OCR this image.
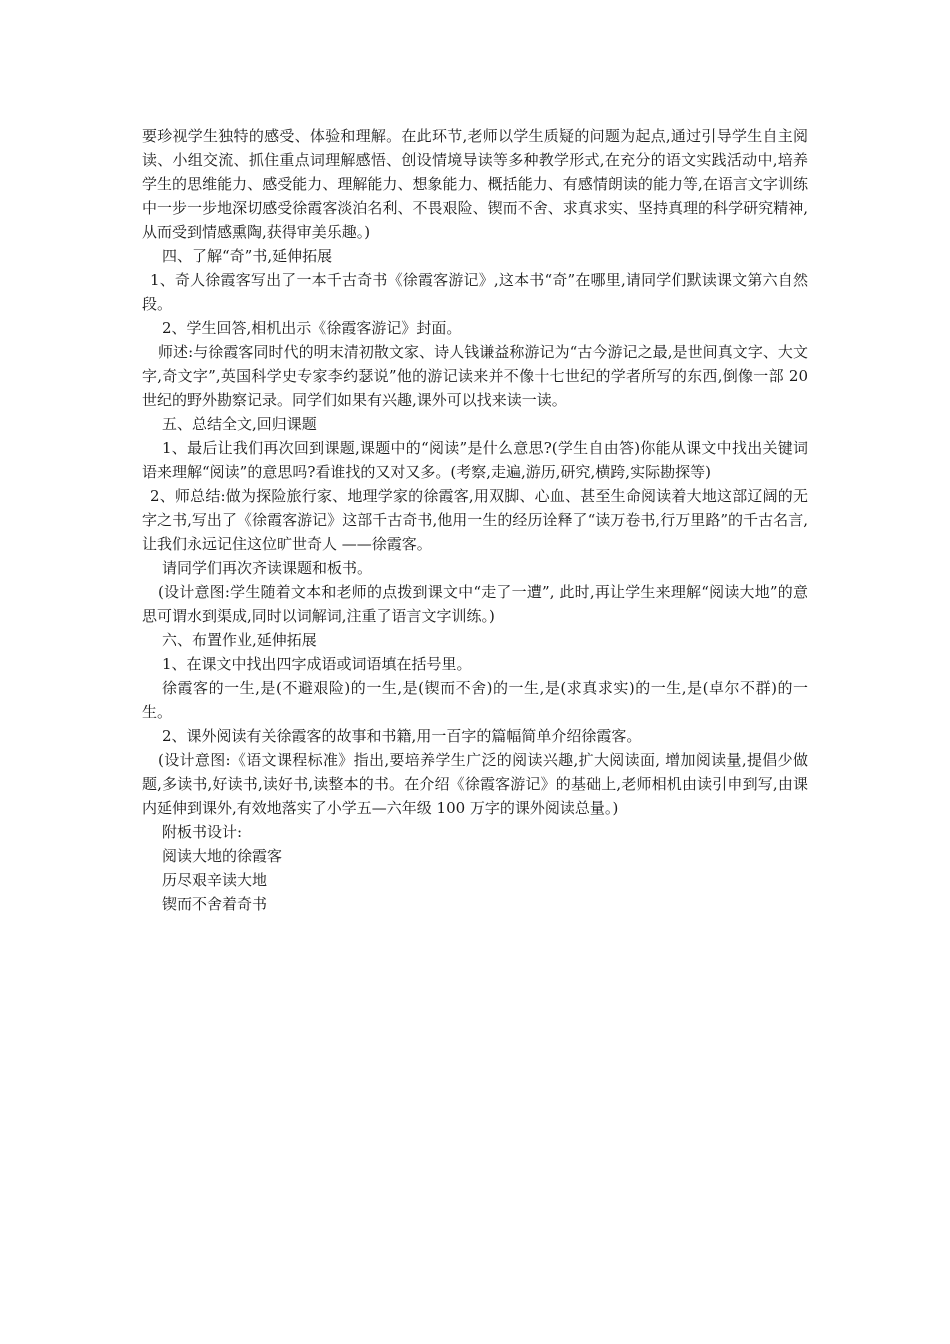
要珍视学生独特的感受、体验和理解。在此环节,老师以学生质疑的问题为起点,通过引导学生自主阅读、小组交流、抓住重点词理解感悟、创设情境导读等多种教学形式,在充分的语文实践活动中,培养学生的思维能力、感受能力、理解能力、想象能力、概括能力、有感情朗读的能力等,在语言文字训练中一步一步地深切感受徐霞客淡泊名利、不畏艰险、锲而不舍、求真求实、坚持真理的科学研究精神,从而受到情感熏陶,获得审美乐趣。)

四、了解“奇”书,延伸拓展

1、奇人徐霞客写出了一本千古奇书《徐霞客游记》,这本书“奇”在哪里,请同学们默读课文第六自然段。

2、学生回答,相机出示《徐霞客游记》封面。

师述:与徐霞客同时代的明末清初散文家、诗人钱谦益称游记为“古今游记之最,是世间真文字、大文字,奇文字”,英国科学史专家李约瑟说”他的游记读来并不像十七世纪的学者所写的东西,倒像一部 20 世纪的野外勘察记录。同学们如果有兴趣,课外可以找来读一读。

五、总结全文,回归课题

1、最后让我们再次回到课题,课题中的“阅读”是什么意思?(学生自由答)你能从课文中找出关键词语来理解“阅读”的意思吗?看谁找的又对又多。(考察,走遍,游历,研究,横跨,实际勘探等)

2、师总结:做为探险旅行家、地理学家的徐霞客,用双脚、心血、甚至生命阅读着大地这部辽阔的无字之书,写出了《徐霞客游记》这部千古奇书,他用一生的经历诠释了“读万卷书,行万里路”的千古名言,让我们永远记住这位旷世奇人 ——徐霞客。

请同学们再次齐读课题和板书。

(设计意图:学生随着文本和老师的点拨到课文中“走了一遭”, 此时,再让学生来理解“阅读大地”的意思可谓水到渠成,同时以词解词,注重了语言文字训练。)

六、布置作业,延伸拓展

1、在课文中找出四字成语或词语填在括号里。

徐霞客的一生,是(不避艰险)的一生,是(锲而不舍)的一生,是(求真求实)的一生,是(卓尔不群)的一生。

2、课外阅读有关徐霞客的故事和书籍,用一百字的篇幅简单介绍徐霞客。

(设计意图:《语文课程标准》指出,要培养学生广泛的阅读兴趣,扩大阅读面, 增加阅读量,提倡少做题,多读书,好读书,读好书,读整本的书。在介绍《徐霞客游记》的基础上,老师相机由读引申到写,由课内延伸到课外,有效地落实了小学五—六年级 100 万字的课外阅读总量。)

附板书设计:

阅读大地的徐霞客

历尽艰辛读大地

锲而不舍着奇书
